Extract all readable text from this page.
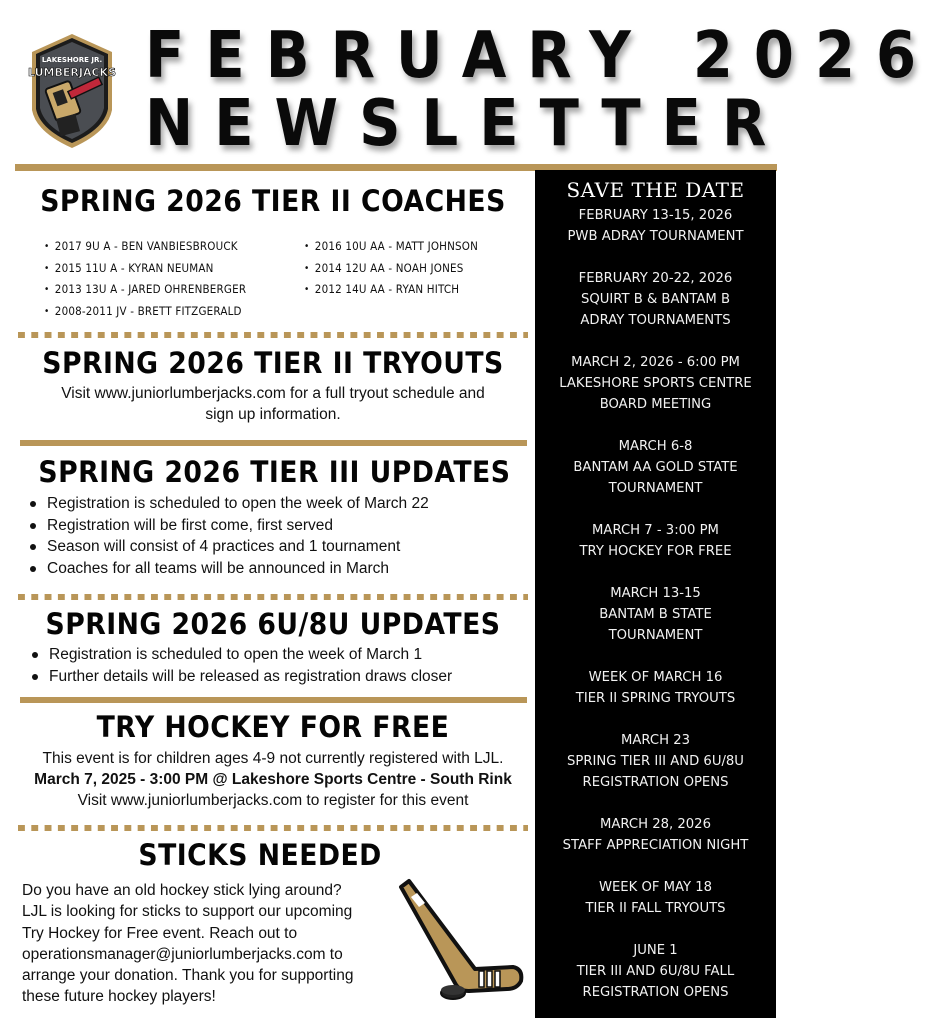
LAKESHORE JR.
LUMBERJACKS FEBRUARY 2026
NEWSLETTER
SPRING 2026 TIER II COACHES
• 2017 9U A - BEN VANBIESBROUCK
• 2015 11U A - KYRAN NEUMAN
• 2013 13U A - JARED OHRENBERGER
• 2008-2011 JV - BRETT FITZGERALD
• 2016 10U AA - MATT JOHNSON
• 2014 12U AA - NOAH JONES
• 2012 14U AA - RYAN HITCH
SPRING 2026 TIER II TRYOUTS
Visit www.juniorlumberjacks.com for a full tryout schedule and
sign up information.
SPRING 2026 TIER III UPDATES
Registration is scheduled to open the week of March 22
Registration will be first come, first served
Season will consist of 4 practices and 1 tournament
Coaches for all teams will be announced in March
SPRING 2026 6U/8U UPDATES
Registration is scheduled to open the week of March 1
Further details will be released as registration draws closer
TRY HOCKEY FOR FREE
This event is for children ages 4-9 not currently registered with LJL.
March 7, 2025 - 3:00 PM @ Lakeshore Sports Centre - South Rink
Visit www.juniorlumberjacks.com to register for this event
STICKS NEEDED
Do you have an old hockey stick lying around?
LJL is looking for sticks to support our upcoming
Try Hockey for Free event. Reach out to
operationsmanager@juniorlumberjacks.com to
arrange your donation. Thank you for supporting
these future hockey players!
SAVE THE DATE
FEBRUARY 13-15, 2026
PWB ADRAY TOURNAMENT
FEBRUARY 20-22, 2026
SQUIRT B & BANTAM B
ADRAY TOURNAMENTS
MARCH 2, 2026 - 6:00 PM
LAKESHORE SPORTS CENTRE
BOARD MEETING
MARCH 6-8
BANTAM AA GOLD STATE
TOURNAMENT
MARCH 7 - 3:00 PM
TRY HOCKEY FOR FREE
MARCH 13-15
BANTAM B STATE
TOURNAMENT
WEEK OF MARCH 16
TIER II SPRING TRYOUTS
MARCH 23
SPRING TIER III AND 6U/8U
REGISTRATION OPENS
MARCH 28, 2026
STAFF APPRECIATION NIGHT
WEEK OF MAY 18
TIER II FALL TRYOUTS
JUNE 1
TIER III AND 6U/8U FALL
REGISTRATION OPENS
